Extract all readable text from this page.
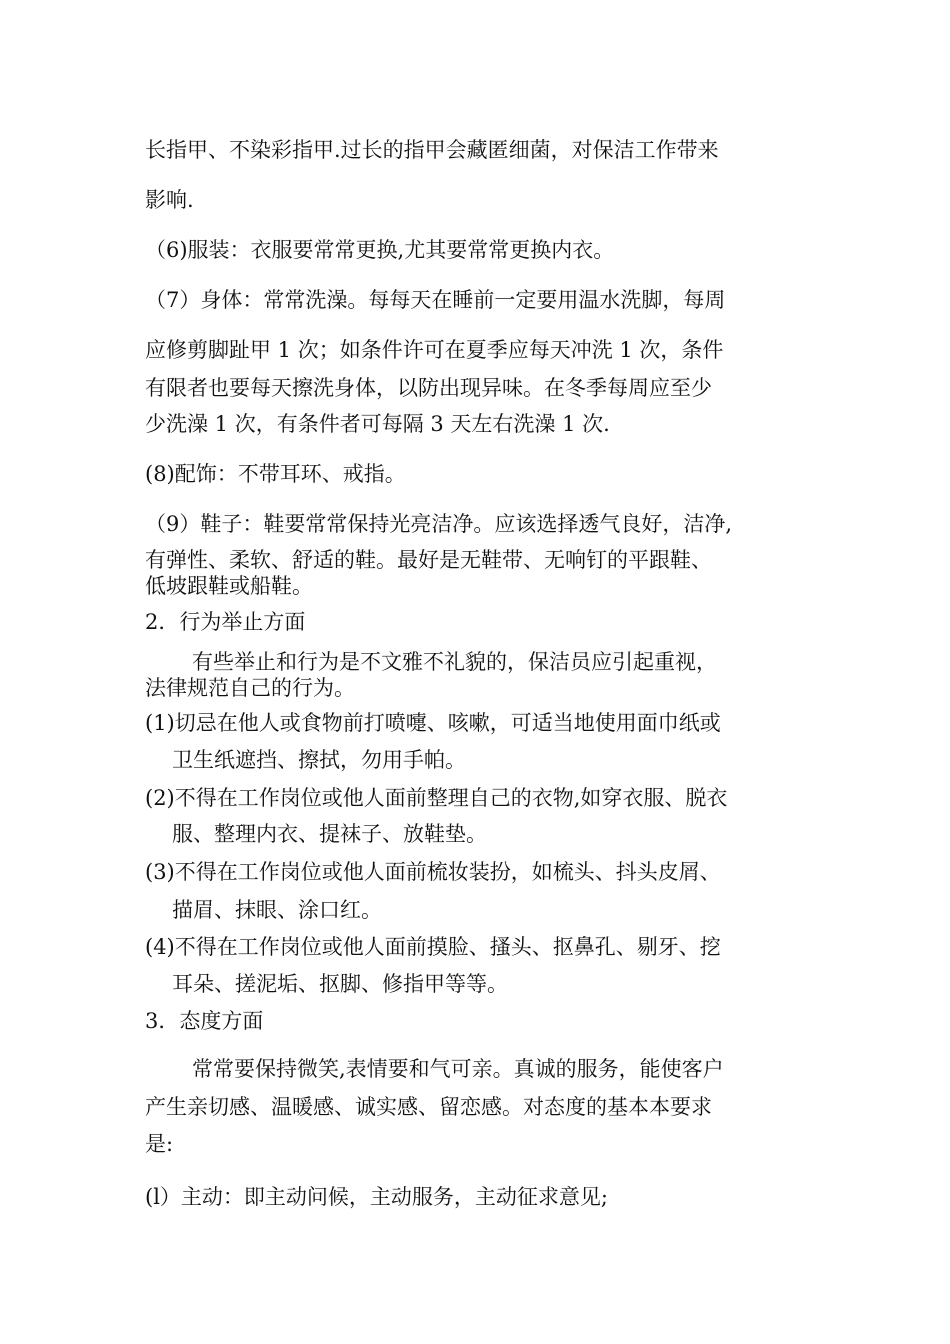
长指甲、不染彩指甲.过长的指甲会藏匿细菌，对保洁工作带来
影响.
（6)服装：衣服要常常更换,尤其要常常更换内衣。
（7）身体：常常洗澡。每每天在睡前一定要用温水洗脚，每周
应修剪脚趾甲 1 次；如条件许可在夏季应每天冲洗 1 次，条件
有限者也要每天擦洗身体，以防出现异味。在冬季每周应至少
少洗澡 1 次，有条件者可每隔 3 天左右洗澡 1 次.
(8)配饰：不带耳环、戒指。
（9）鞋子：鞋要常常保持光亮洁净。应该选择透气良好，洁净,
有弹性、柔软、舒适的鞋。最好是无鞋带、无响钉的平跟鞋、
低坡跟鞋或船鞋。
2．行为举止方面
有些举止和行为是不文雅不礼貌的，保洁员应引起重视，
法律规范自己的行为。
(1)切忌在他人或食物前打喷嚏、咳嗽，可适当地使用面巾纸或
卫生纸遮挡、擦拭，勿用手帕。
(2)不得在工作岗位或他人面前整理自己的衣物,如穿衣服、脱衣
服、整理内衣、提袜子、放鞋垫。
(3)不得在工作岗位或他人面前梳妆装扮，如梳头、抖头皮屑、
描眉、抹眼、涂口红。
(4)不得在工作岗位或他人面前摸脸、搔头、抠鼻孔、剔牙、挖
耳朵、搓泥垢、抠脚、修指甲等等。
3．态度方面
常常要保持微笑,表情要和气可亲。真诚的服务，能使客户
产生亲切感、温暖感、诚实感、留恋感。对态度的基本本要求
是:
(l）主动：即主动问候，主动服务，主动征求意见;
